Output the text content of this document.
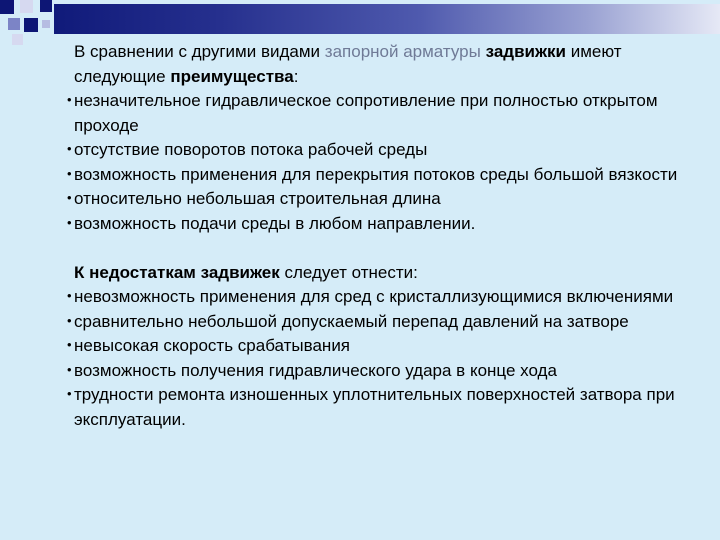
В сравнении с другими видами запорной арматуры задвижки имеют следующие преимущества:

• незначительное гидравлическое сопротивление при полностью открытом проходе

• отсутствие поворотов потока рабочей среды

• возможность применения для перекрытия потоков среды большой вязкости

• относительно небольшая строительная длина

• возможность подачи среды в любом направлении.

К недостаткам задвижек следует отнести:

• невозможность применения для сред с кристаллизующимися включениями

• сравнительно небольшой допускаемый перепад давлений на затворе

• невысокая скорость срабатывания

• возможность получения гидравлического удара в конце хода

• трудности ремонта изношенных уплотнительных поверхностей затвора при эксплуатации.
